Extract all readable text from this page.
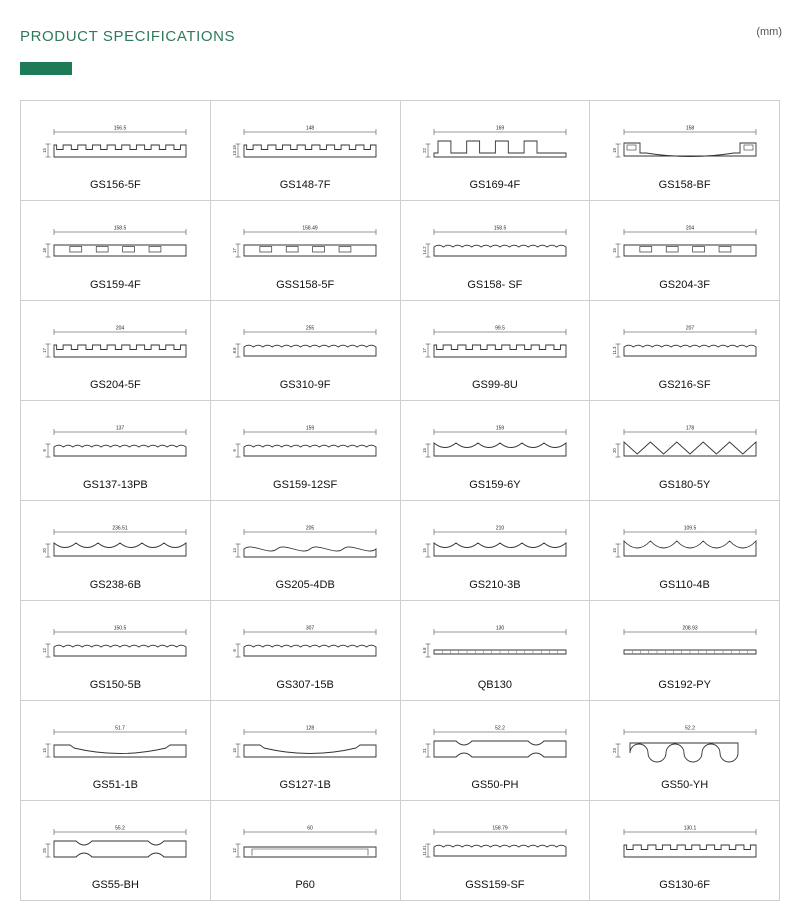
PRODUCT SPECIFICATIONS	(mm)
156.5
15
GS156-5F
148
13.19
GS148-7F
169
22
GS169-4F
158
19
GS158-BF
158.5
18
GS159-4F
158.49
17
GSS158-5F
158.5
14.2
GS158- SF
204
15
GS204-3F
204
17
GS204-5F
255
8.8
GS310-9F
99.5
17
GS99-8U
207
11.3
GS216-SF
137
9
GS137-13PB
159
9
GS159-12SF
159
15
GS159-6Y
178
20
GS180-5Y
236.51
20
GS238-6B
205
14
GS205-4DB
210
15
GS210-3B
109.5
15
GS110-4B
150.5
12
GS150-5B
307
8
GS307-15B
130
6.8
QB130
208.93
GS192-PY
51.7
15
GS51-1B
128
15
GS127-1B
52.2
21
GS50-PH
52.2
23
GS50-YH
55.2
25
GS55-BH
60
12
P60
158.79
11.01
GSS159-SF
130.1
GS130-6F
